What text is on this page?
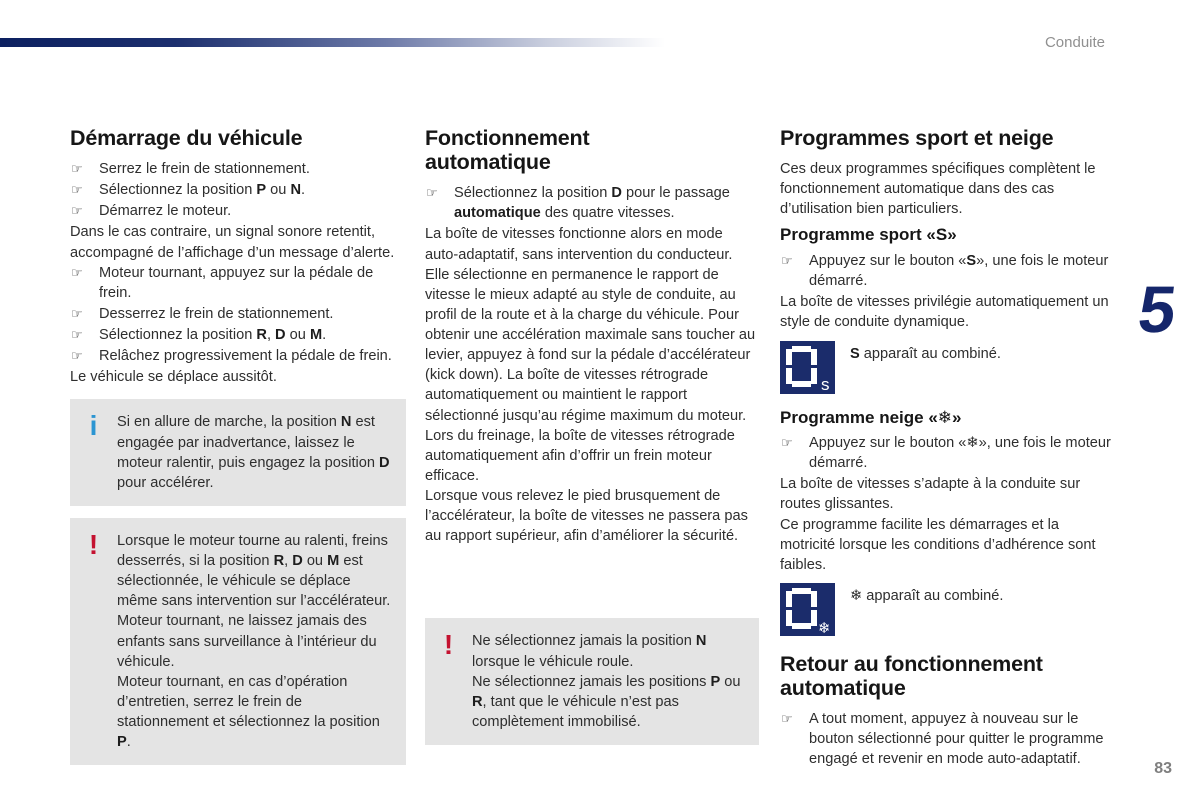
Conduite
5
83
Démarrage du véhicule
☞ Serrez le frein de stationnement.
☞ Sélectionnez la position P ou N.
☞ Démarrez le moteur.

Dans le cas contraire, un signal sonore retentit, accompagné de l’affichage d’un message d’alerte.

☞ Moteur tournant, appuyez sur la pédale de frein.
☞ Desserrez le frein de stationnement.
☞ Sélectionnez la position R, D ou M.
☞ Relâchez progressivement la pédale de frein.

Le véhicule se déplace aussitôt.

i	Si en allure de marche, la position N est engagée par inadvertance, laissez le moteur ralentir, puis engagez la position D pour accélérer.

!	Lorsque le moteur tourne au ralenti, freins desserrés, si la position R, D ou M est sélectionnée, le véhicule se déplace même sans intervention sur l’accélérateur.

Moteur tournant, ne laissez jamais des enfants sans surveillance à l’intérieur du véhicule.

Moteur tournant, en cas d’opération d’entretien, serrez le frein de stationnement et sélectionnez la position P.

Fonctionnement automatique
☞ Sélectionnez la position D pour le passage automatique des quatre vitesses.

La boîte de vitesses fonctionne alors en mode auto-adaptatif, sans intervention du conducteur. Elle sélectionne en permanence le rapport de vitesse le mieux adapté au style de conduite, au profil de la route et à la charge du véhicule. Pour obtenir une accélération maximale sans toucher au levier, appuyez à fond sur la pédale d’accélérateur (kick down). La boîte de vitesses rétrograde automatiquement ou maintient le rapport sélectionné jusqu’au régime maximum du moteur.

Lors du freinage, la boîte de vitesses rétrograde automatiquement afin d’offrir un frein moteur efficace.

Lorsque vous relevez le pied brusquement de l’accélérateur, la boîte de vitesses ne passera pas au rapport supérieur, afin d’améliorer la sécurité.

!	Ne sélectionnez jamais la position N lorsque le véhicule roule.

Ne sélectionnez jamais les positions P ou R, tant que le véhicule n’est pas complètement immobilisé.

Programmes sport et neige

Ces deux programmes spécifiques complètent le fonctionnement automatique dans des cas d’utilisation bien particuliers.

Programme sport «S»
☞ Appuyez sur le bouton «S», une fois le moteur démarré.

La boîte de vitesses privilégie automatiquement un style de conduite dynamique.

s

S apparaît au combiné.

Programme neige «❄»
☞ Appuyez sur le bouton «❄», une fois le moteur démarré.

La boîte de vitesses s’adapte à la conduite sur routes glissantes.

Ce programme facilite les démarrages et la motricité lorsque les conditions d’adhérence sont faibles.

❄

❄ apparaît au combiné.

Retour au fonctionnement automatique
☞ A tout moment, appuyez à nouveau sur le bouton sélectionné pour quitter le programme engagé et revenir en mode auto-adaptatif.
